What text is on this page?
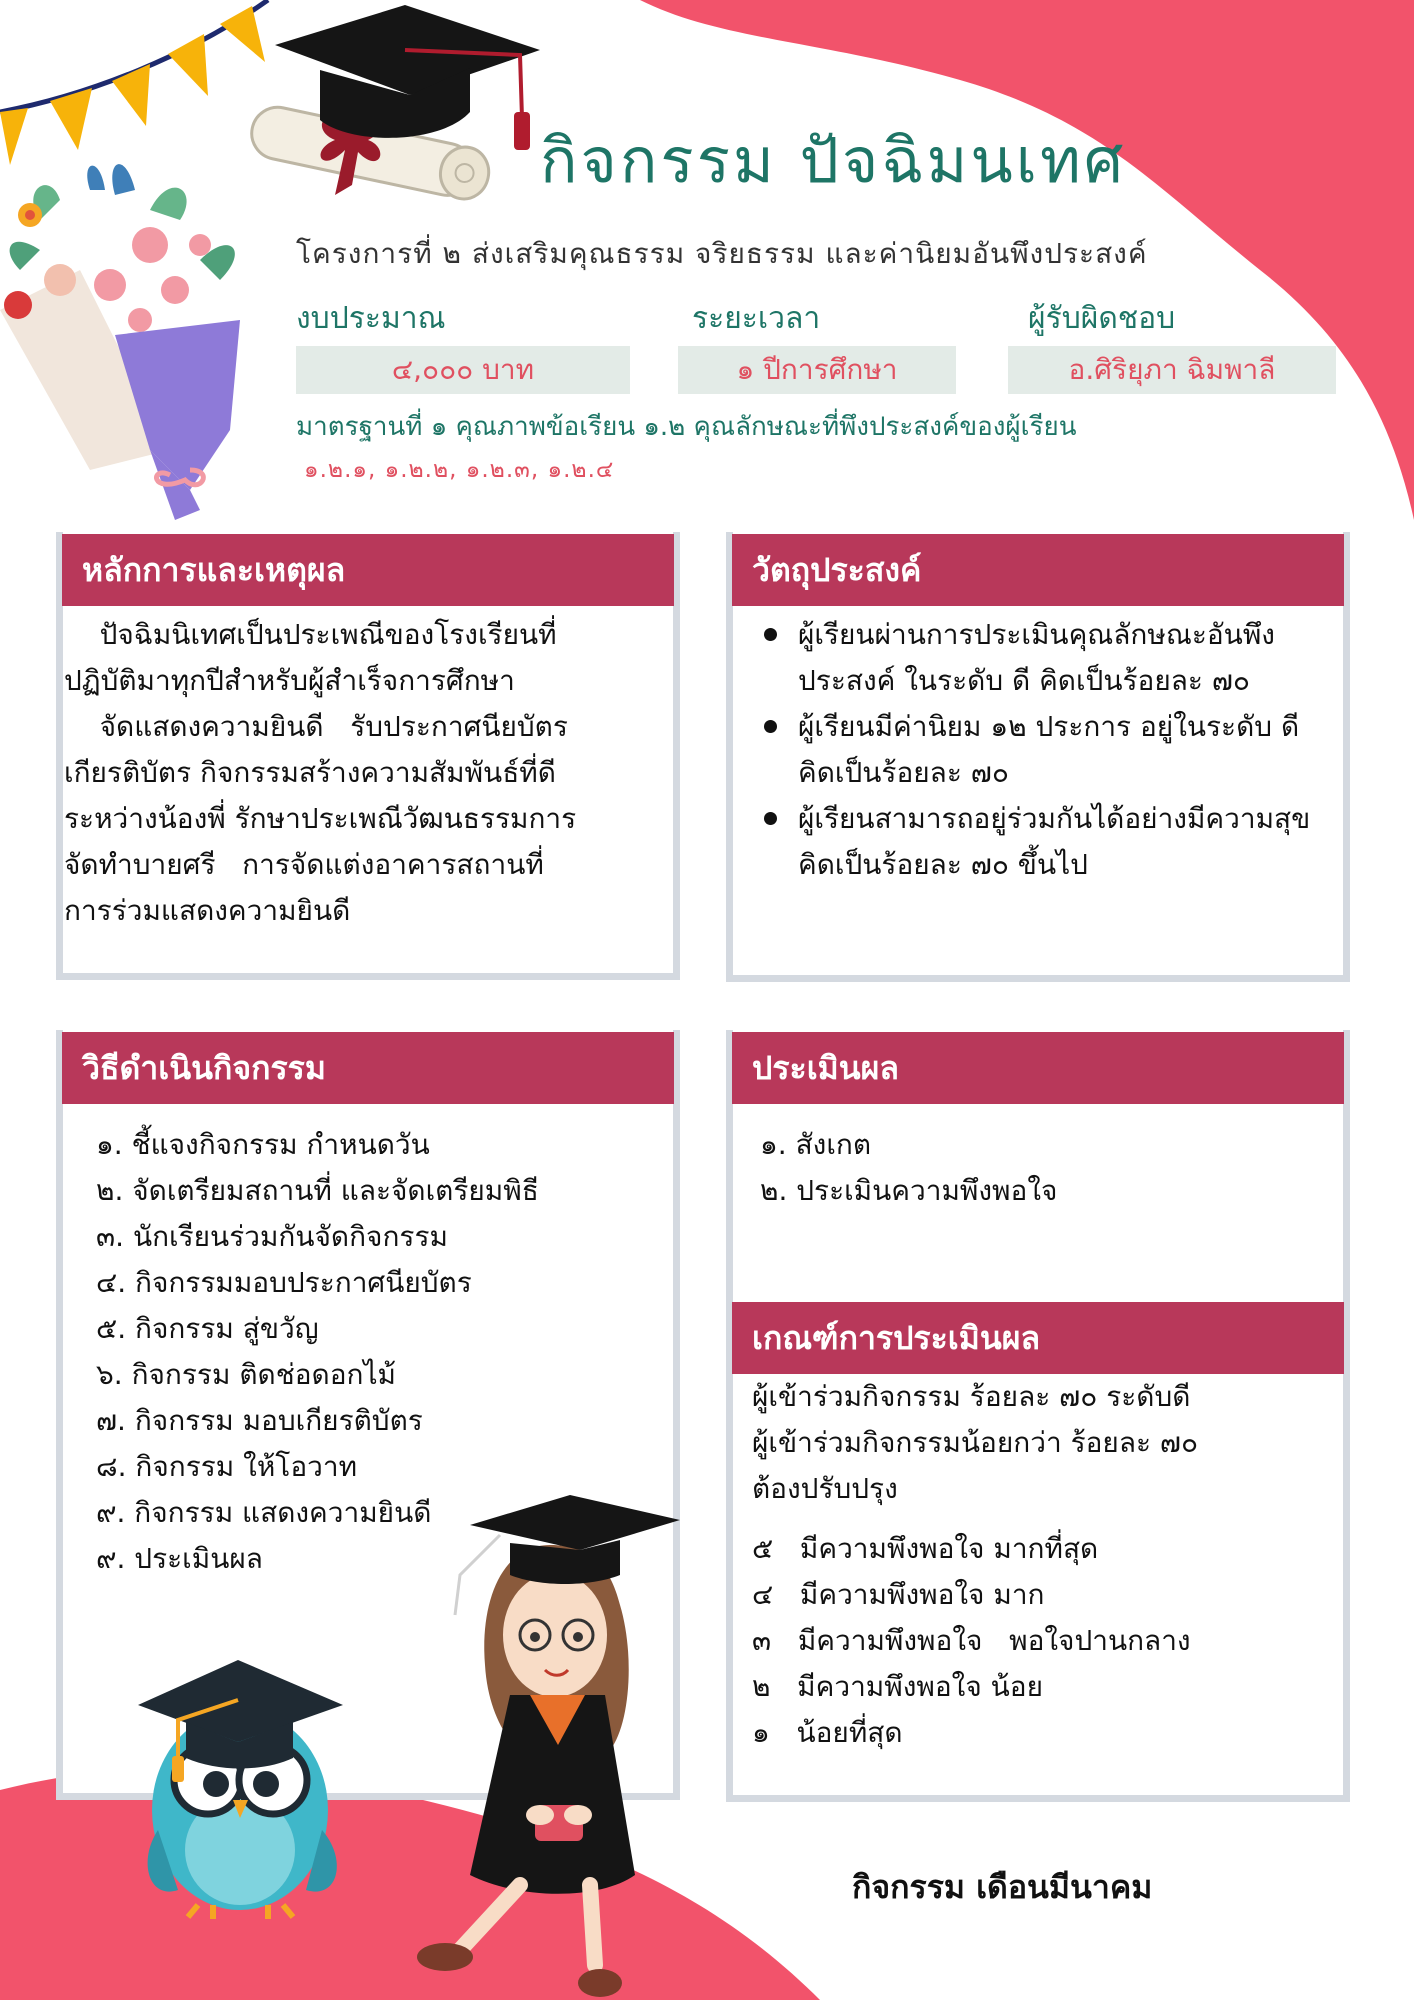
กิจกรรม ปัจฉิมนเทศ
โครงการที่ ๒ ส่งเสริมคุณธรรม จริยธรรม และค่านิยมอันพึงประสงค์
งบประมาณ	ระยะเวลา	ผู้รับผิดชอบ
๔,๐๐๐ บาท	๑ ปีการศึกษา	อ.ศิริยุภา ฉิมพาลี
มาตรฐานที่ ๑ คุณภาพข้อเรียน ๑.๒ คุณลักษณะที่พึงประสงค์ของผู้เรียน
๑.๒.๑, ๑.๒.๒, ๑.๒.๓, ๑.๒.๔
หลักการและเหตุผล
ปัจฉิมนิเทศเป็นประเพณีของโรงเรียนที่
ปฏิบัติมาทุกปีสำหรับผู้สำเร็จการศึกษา
จัดแสดงความยินดี   รับประกาศนียบัตร
เกียรติบัตร กิจกรรมสร้างความสัมพันธ์ที่ดี
ระหว่างน้องพี่ รักษาประเพณีวัฒนธรรมการ
จัดทำบายศรี   การจัดแต่งอาคารสถานที่
การร่วมแสดงความยินดี
วัตถุประสงค์
ผู้เรียนผ่านการประเมินคุณลักษณะอันพึงประสงค์ ในระดับ ดี คิดเป็นร้อยละ ๗๐
ผู้เรียนมีค่านิยม ๑๒ ประการ อยู่ในระดับ ดี คิดเป็นร้อยละ ๗๐
ผู้เรียนสามารถอยู่ร่วมกันได้อย่างมีความสุข คิดเป็นร้อยละ ๗๐ ขึ้นไป
วิธีดำเนินกิจกรรม
๑. ชี้แจงกิจกรรม กำหนดวัน
๒. จัดเตรียมสถานที่ และจัดเตรียมพิธี
๓. นักเรียนร่วมกันจัดกิจกรรม
๔. กิจกรรมมอบประกาศนียบัตร
๕. กิจกรรม สู่ขวัญ
๖. กิจกรรม ติดช่อดอกไม้
๗. กิจกรรม มอบเกียรติบัตร
๘. กิจกรรม ให้โอวาท
๙. กิจกรรม แสดงความยินดี
๙. ประเมินผล
ประเมินผล
๑. สังเกต
๒. ประเมินความพึงพอใจ
เกณฑ์การประเมินผล
ผู้เข้าร่วมกิจกรรม ร้อยละ ๗๐ ระดับดี
ผู้เข้าร่วมกิจกรรมน้อยกว่า ร้อยละ ๗๐
ต้องปรับปรุง
๕   มีความพึงพอใจ มากที่สุด
๔   มีความพึงพอใจ มาก
๓   มีความพึงพอใจ   พอใจปานกลาง
๒   มีความพึงพอใจ น้อย
๑   น้อยที่สุด
กิจกรรม เดือนมีนาคม
